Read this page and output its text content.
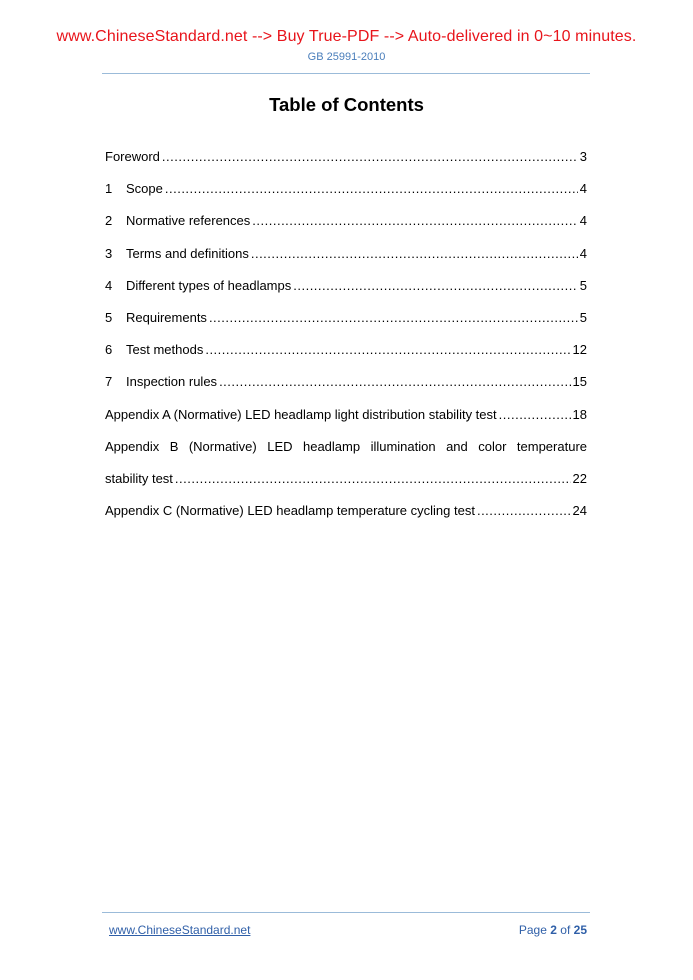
www.ChineseStandard.net --> Buy True-PDF --> Auto-delivered in 0~10 minutes.
GB 25991-2010
Table of Contents
Foreword .....	3
1	Scope .....	4
2	Normative references .....	4
3	Terms and definitions .....	4
4	Different types of headlamps .....	5
5	Requirements .....	5
6	Test methods .....	12
7	Inspection rules .....	15
Appendix A (Normative) LED headlamp light distribution stability test .....	18
Appendix B (Normative) LED headlamp illumination and color temperature
stability test .....	22
Appendix C (Normative) LED headlamp temperature cycling test .....	24
www.ChineseStandard.net	Page 2 of 25
